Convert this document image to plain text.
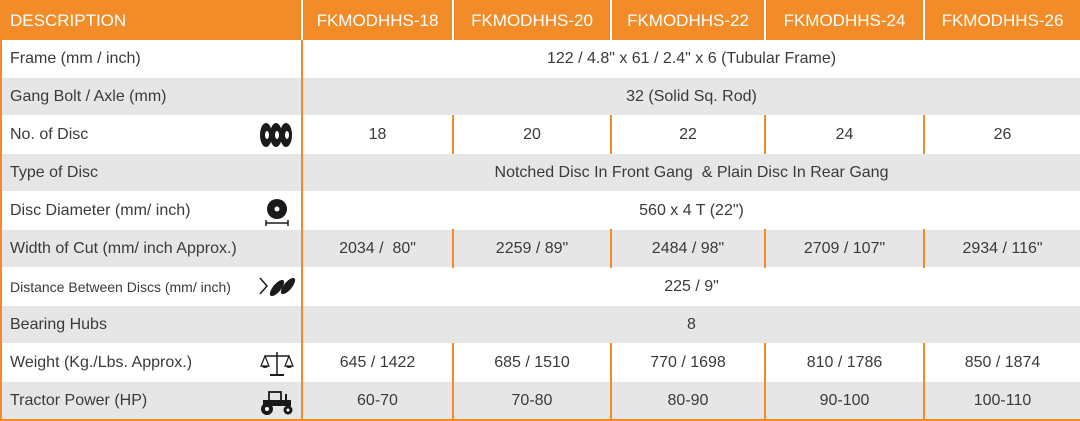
DESCRIPTION	FKMODHHS-18	FKMODHHS-20	FKMODHHS-22	FKMODHHS-24	FKMODHHS-26
Frame (mm / inch)	122 / 4.8" x 61 / 2.4" x 6 (Tubular Frame)				
Gang Bolt / Axle (mm)	32 (Solid Sq. Rod)				
No. of Disc	18	20	22	24	26
Type of Disc	Notched Disc In Front Gang  & Plain Disc In Rear Gang				
Disc Diameter (mm/ inch)	560 x 4 T (22")				
Width of Cut (mm/ inch Approx.)	2034 /  80"	2259 / 89"	2484 / 98"	2709 / 107"	2934 / 116"
Distance Between Discs (mm/ inch)	225 / 9"				
Bearing Hubs	8				
Weight (Kg./Lbs. Approx.)	645 / 1422	685 / 1510	770 / 1698	810 / 1786	850 / 1874
Tractor Power (HP)	60-70	70-80	80-90	90-100	100-110
